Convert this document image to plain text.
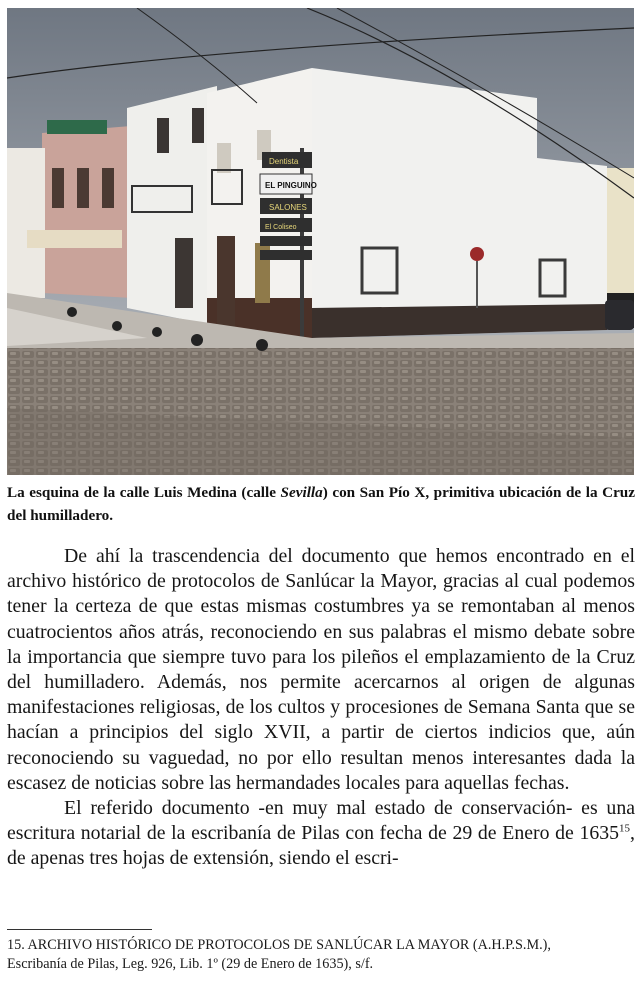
Dentista
EL PINGUINO
SALONES
El Coliseo
La esquina de la calle Luis Medina (calle Sevilla) con San Pío X, primitiva ubicación de la Cruz del humilladero.

De ahí la trascendencia del documento que hemos encontrado en el archivo histórico de protocolos de Sanlúcar la Mayor, gracias al cual podemos tener la certeza de que estas mismas costumbres ya se remontaban al menos cuatrocientos años atrás, reconociendo en sus palabras el mismo debate sobre la importancia que siempre tuvo para los pileños el emplazamiento de la Cruz del humilladero. Además, nos permite acercarnos al origen de algunas manifestaciones religiosas, de los cultos y procesiones de Semana Santa que se hacían a principios del siglo XVII, a partir de ciertos indicios que, aún reconociendo su vaguedad, no por ello resultan menos interesantes dada la escasez de noticias sobre las hermandades locales para aquellas fechas.

El referido documento -en muy mal estado de conservación- es una escritura notarial de la escribanía de Pilas con fecha de 29 de Enero de 1635$^{15}$, de apenas tres hojas de extensión, siendo el escri-

15. ARCHIVO HISTÓRICO DE PROTOCOLOS DE SANLÚCAR LA MAYOR (A.H.P.S.M.),
Escribanía de Pilas, Leg. 926, Lib. 1º (29 de Enero de 1635), s/f.
